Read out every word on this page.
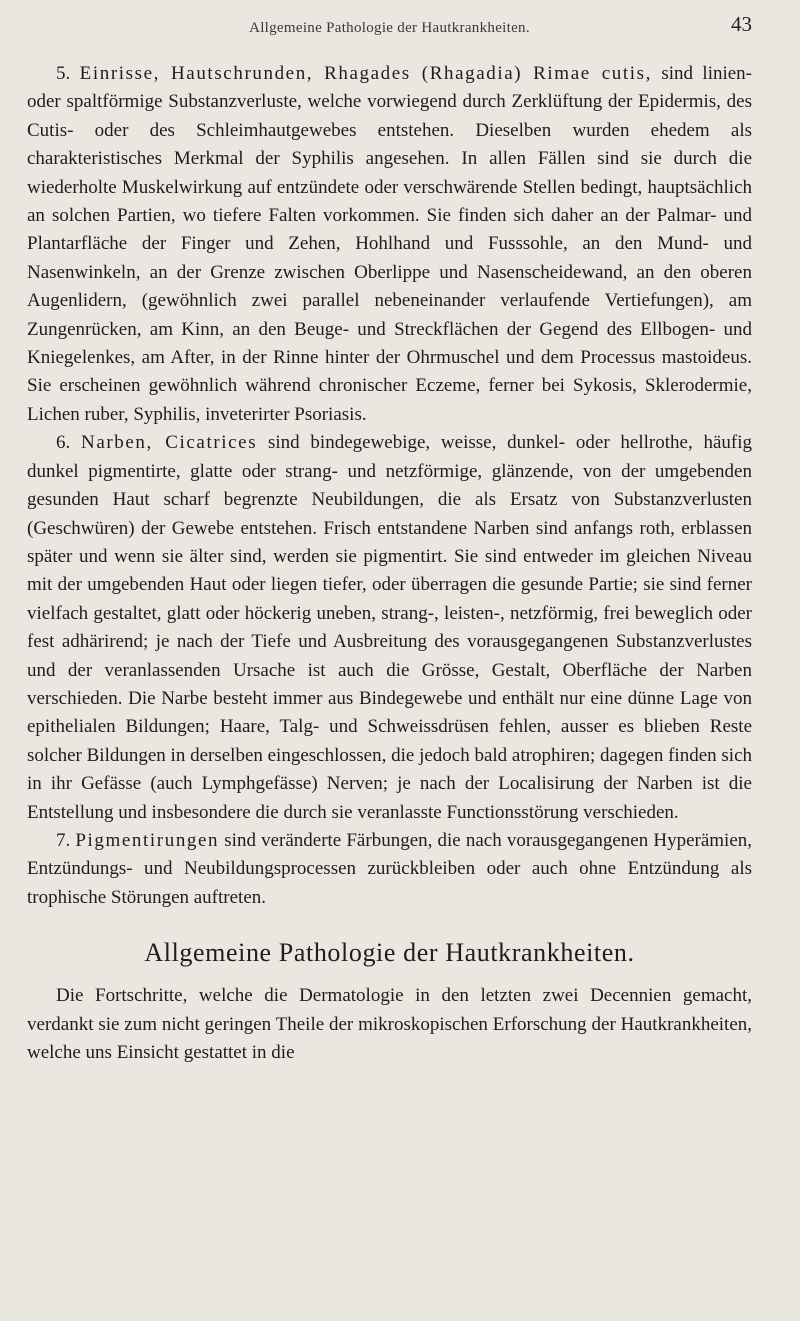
Allgemeine Pathologie der Hautkrankheiten.	43

5. Einrisse, Hautschrunden, Rhagades (Rhagadia) Rimae cutis, sind linien- oder spaltförmige Substanzverluste, welche vorwiegend durch Zerklüftung der Epidermis, des Cutis- oder des Schleimhautgewebes entstehen. Dieselben wurden ehedem als charakteristisches Merkmal der Syphilis angesehen. In allen Fällen sind sie durch die wiederholte Muskelwirkung auf entzündete oder verschwärende Stellen bedingt, hauptsächlich an solchen Partien, wo tiefere Falten vorkommen. Sie finden sich daher an der Palmar- und Plantarfläche der Finger und Zehen, Hohlhand und Fusssohle, an den Mund- und Nasenwinkeln, an der Grenze zwischen Oberlippe und Nasenscheidewand, an den oberen Augenlidern, (gewöhnlich zwei parallel nebeneinander verlaufende Vertiefungen), am Zungenrücken, am Kinn, an den Beuge- und Streckflächen der Gegend des Ellbogen- und Kniegelenkes, am After, in der Rinne hinter der Ohrmuschel und dem Processus mastoideus. Sie erscheinen gewöhnlich während chronischer Eczeme, ferner bei Sykosis, Sklerodermie, Lichen ruber, Syphilis, inveterirter Psoriasis.

6. Narben, Cicatrices sind bindegewebige, weisse, dunkel- oder hellrothe, häufig dunkel pigmentirte, glatte oder strang- und netzförmige, glänzende, von der umgebenden gesunden Haut scharf begrenzte Neubildungen, die als Ersatz von Substanzverlusten (Geschwüren) der Gewebe entstehen. Frisch entstandene Narben sind anfangs roth, erblassen später und wenn sie älter sind, werden sie pigmentirt. Sie sind entweder im gleichen Niveau mit der umgebenden Haut oder liegen tiefer, oder überragen die gesunde Partie; sie sind ferner vielfach gestaltet, glatt oder höckerig uneben, strang-, leisten-, netzförmig, frei beweglich oder fest adhärirend; je nach der Tiefe und Ausbreitung des vorausgegangenen Substanzverlustes und der veranlassenden Ursache ist auch die Grösse, Gestalt, Oberfläche der Narben verschieden. Die Narbe besteht immer aus Bindegewebe und enthält nur eine dünne Lage von epithelialen Bildungen; Haare, Talg- und Schweissdrüsen fehlen, ausser es blieben Reste solcher Bildungen in derselben eingeschlossen, die jedoch bald atrophiren; dagegen finden sich in ihr Gefässe (auch Lymphgefässe) Nerven; je nach der Localisirung der Narben ist die Entstellung und insbesondere die durch sie veranlasste Functionsstörung verschieden.

7. Pigmentirungen sind veränderte Färbungen, die nach vorausgegangenen Hyperämien, Entzündungs- und Neubildungsprocessen zurückbleiben oder auch ohne Entzündung als trophische Störungen auftreten.

Allgemeine Pathologie der Hautkrankheiten.

Die Fortschritte, welche die Dermatologie in den letzten zwei Decennien gemacht, verdankt sie zum nicht geringen Theile der mikroskopischen Erforschung der Hautkrankheiten, welche uns Einsicht gestattet in die
